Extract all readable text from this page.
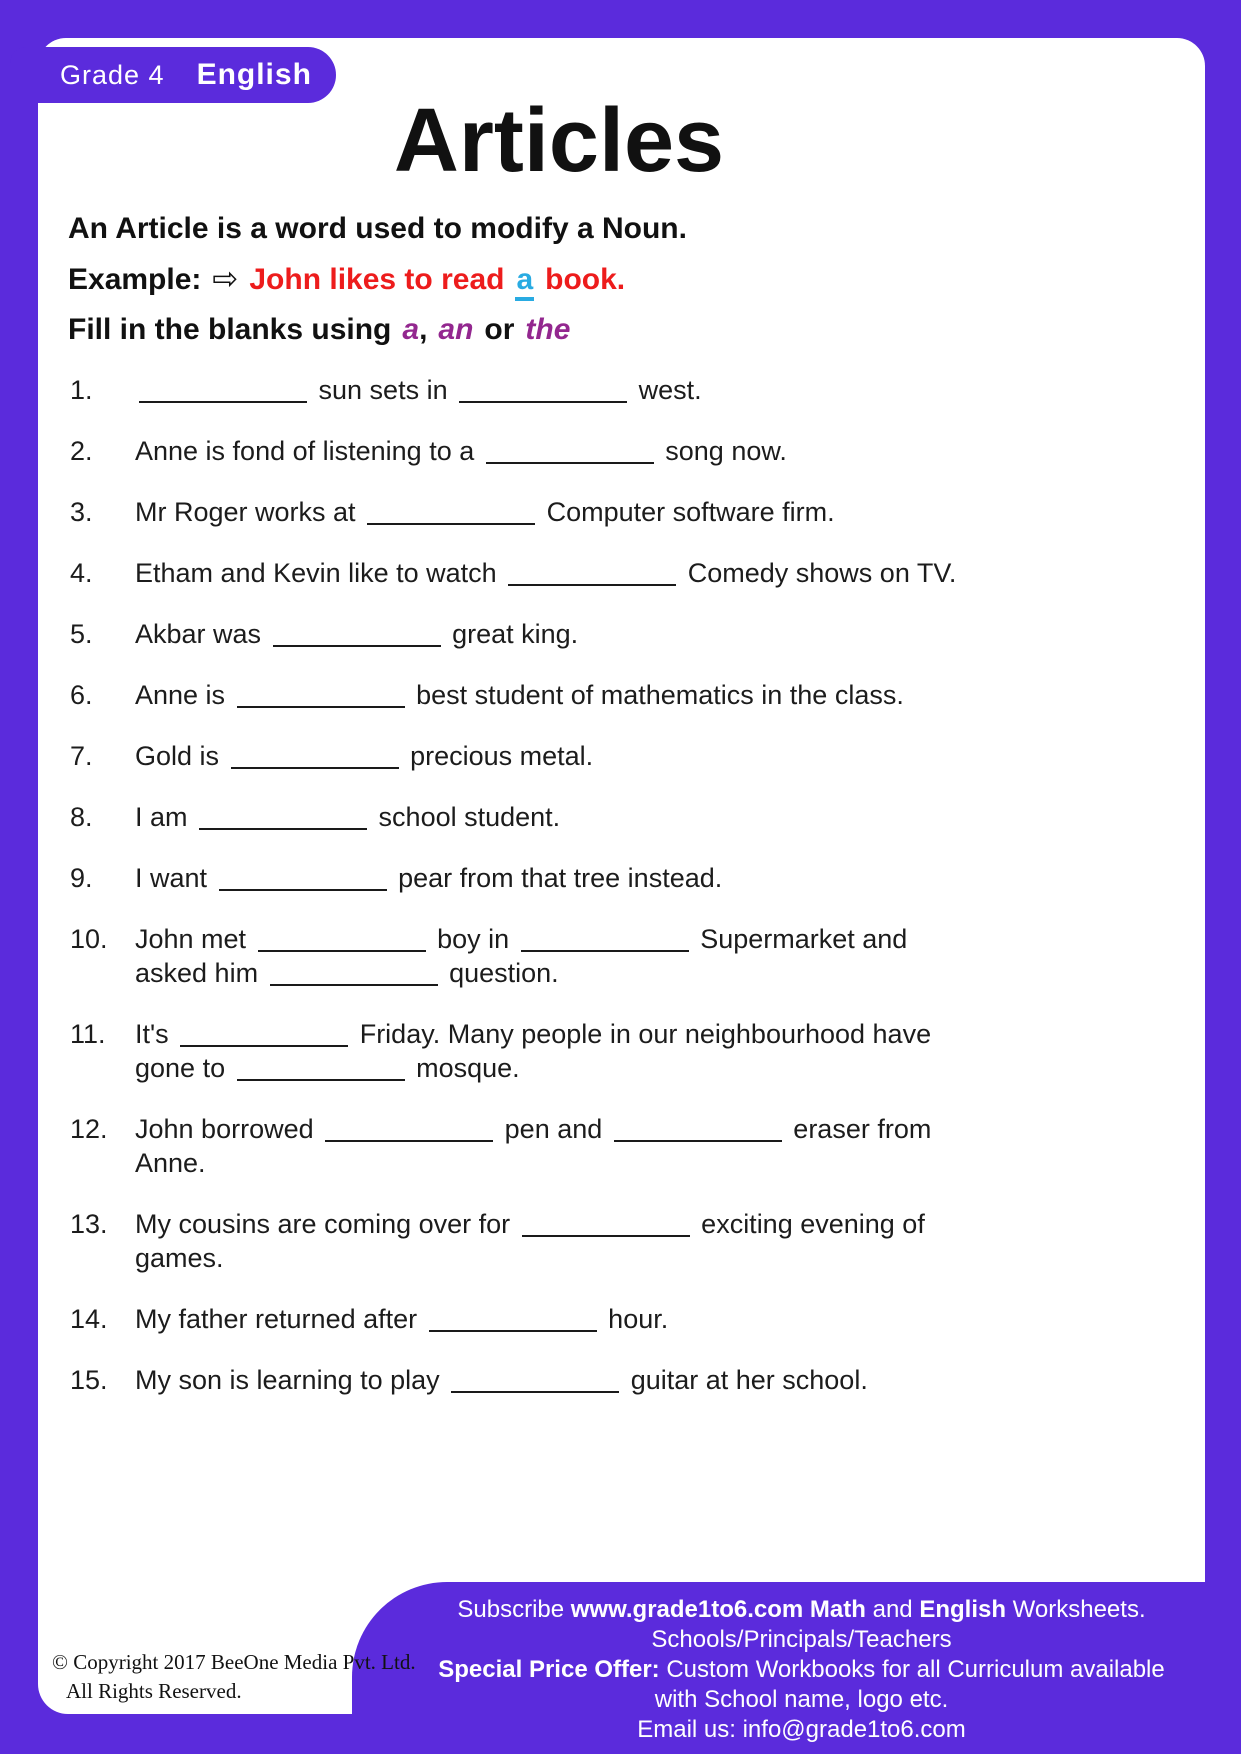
Articles
An Article is a word used to modify a Noun.
Example: ⇨ John likes to read a book.
Fill in the blanks using a, an or the
1.	sun sets in	west.
2.	Anne is fond of listening to a	song now.
3.	Mr Roger works at	Computer software firm.
4.	Etham and Kevin like to watch	Comedy shows on TV.
5.	Akbar was	great king.
6.	Anne is	best student of mathematics in the class.
7.	Gold is	precious metal.
8.	I am	school student.
9.	I want	pear from that tree instead.
10.	John met	boy in	Supermarket and
asked him	question.
11.	It's	Friday. Many people in our neighbourhood have
gone to	mosque.
12.	John borrowed	pen and	eraser from
Anne.
13.	My cousins are coming over for	exciting evening of
games.
14.	My father returned after	hour.
15.	My son is learning to play	guitar at her school.
Grade 4 English
Subscribe www.grade1to6.com Math and English Worksheets.
Schools/Principals/Teachers
Special Price Offer: Custom Workbooks for all Curriculum available
with School name, logo etc.
Email us: info@grade1to6.com
© Copyright 2017 BeeOne Media Pvt. Ltd.
All Rights Reserved.
